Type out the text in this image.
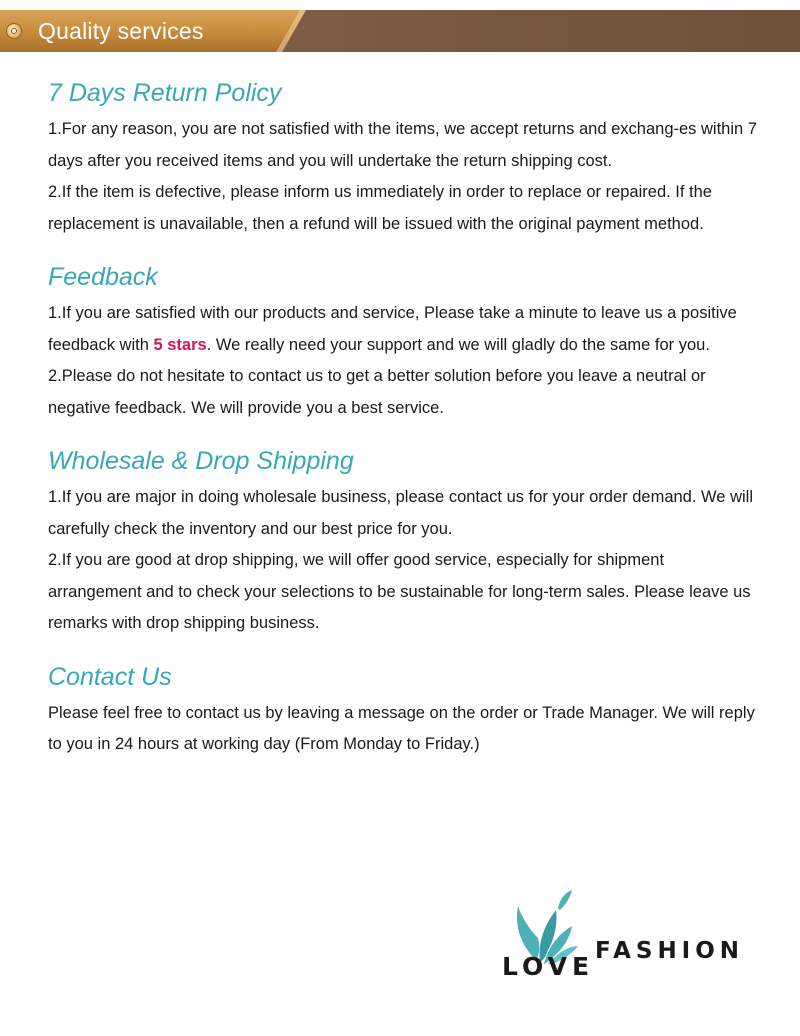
Quality services
7 Days Return Policy

1.For any reason, you are not satisfied with the items, we accept returns and exchang-es within 7 days after you received items and you will undertake the return shipping cost.

2.If the item is defective, please inform us immediately in order to replace or repaired. If the replacement is unavailable, then a refund will be issued with the original payment method.

Feedback

1.If you are satisfied with our products and service, Please take a minute to leave us a positive feedback with 5 stars. We really need your support and we will gladly do the same for you.

2.Please do not hesitate to contact us to get a better solution before you leave a neutral or negative feedback. We will provide you a best service.

Wholesale & Drop Shipping

1.If you are major in doing wholesale business, please contact us for your order demand. We will carefully check the inventory and our best price for you.

2.If you are good at drop shipping, we will offer good service, especially for shipment arrangement and to check your selections to be sustainable for long-term sales. Please leave us remarks with drop shipping business.

Contact Us

Please feel free to contact us by leaving a message on the order or Trade Manager. We will reply to you in 24 hours at working day (From Monday to Friday.)

FASHION
LOVE
